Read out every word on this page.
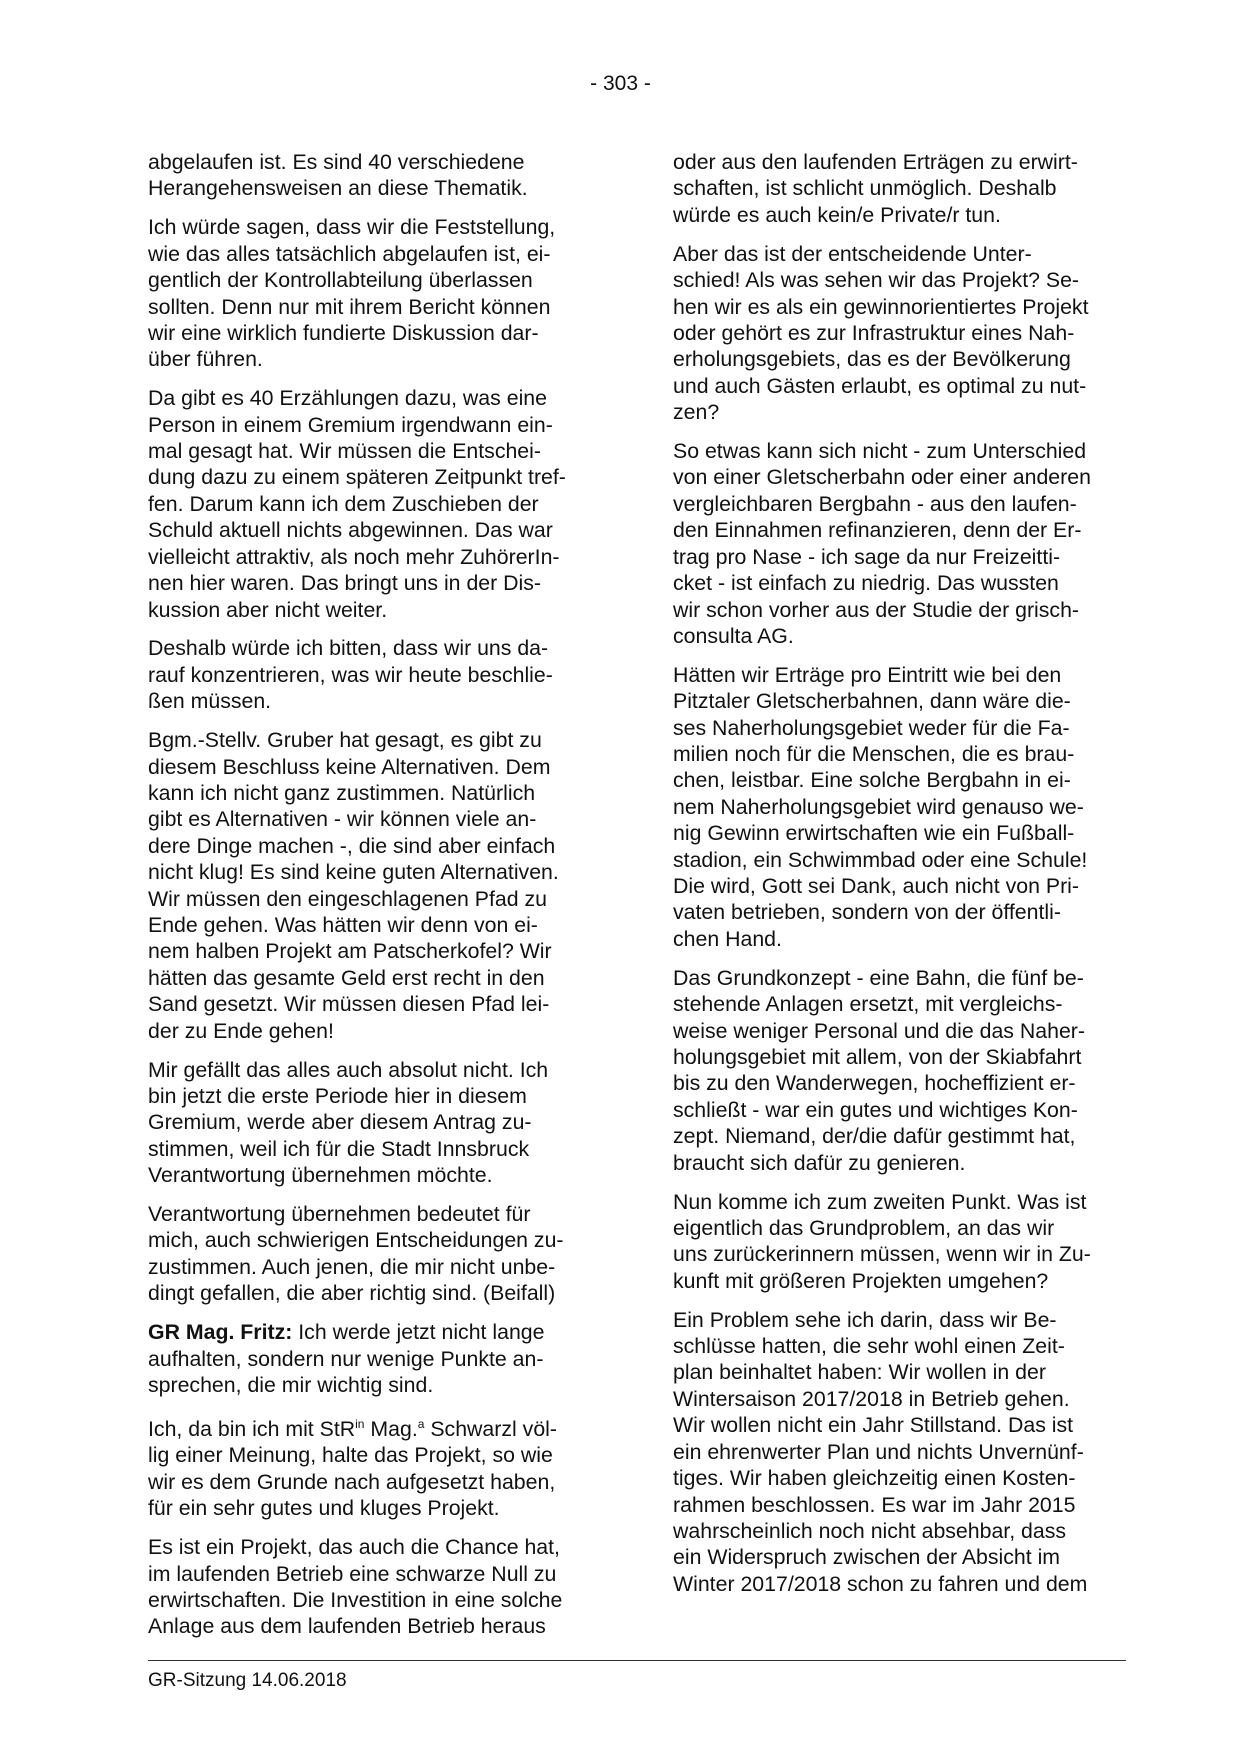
- 303 -

abgelaufen ist. Es sind 40 verschiedene
Herangehensweisen an diese Thematik.

Ich würde sagen, dass wir die Feststellung,
wie das alles tatsächlich abgelaufen ist, ei-
gentlich der Kontrollabteilung überlassen
sollten. Denn nur mit ihrem Bericht können
wir eine wirklich fundierte Diskussion dar-
über führen.

Da gibt es 40 Erzählungen dazu, was eine
Person in einem Gremium irgendwann ein-
mal gesagt hat. Wir müssen die Entschei-
dung dazu zu einem späteren Zeitpunkt tref-
fen. Darum kann ich dem Zuschieben der
Schuld aktuell nichts abgewinnen. Das war
vielleicht attraktiv, als noch mehr ZuhörerIn-
nen hier waren. Das bringt uns in der Dis-
kussion aber nicht weiter.

Deshalb würde ich bitten, dass wir uns da-
rauf konzentrieren, was wir heute beschlie-
ßen müssen.

Bgm.-Stellv. Gruber hat gesagt, es gibt zu
diesem Beschluss keine Alternativen. Dem
kann ich nicht ganz zustimmen. Natürlich
gibt es Alternativen - wir können viele an-
dere Dinge machen -, die sind aber einfach
nicht klug! Es sind keine guten Alternativen.
Wir müssen den eingeschlagenen Pfad zu
Ende gehen. Was hätten wir denn von ei-
nem halben Projekt am Patscherkofel? Wir
hätten das gesamte Geld erst recht in den
Sand gesetzt. Wir müssen diesen Pfad lei-
der zu Ende gehen!

Mir gefällt das alles auch absolut nicht. Ich
bin jetzt die erste Periode hier in diesem
Gremium, werde aber diesem Antrag zu-
stimmen, weil ich für die Stadt Innsbruck
Verantwortung übernehmen möchte.

Verantwortung übernehmen bedeutet für
mich, auch schwierigen Entscheidungen zu-
zustimmen. Auch jenen, die mir nicht unbe-
dingt gefallen, die aber richtig sind. (Beifall)

GR Mag. Fritz: Ich werde jetzt nicht lange
aufhalten, sondern nur wenige Punkte an-
sprechen, die mir wichtig sind.

Ich, da bin ich mit StR$^{in}$ Mag.$^a$ Schwarzl völ-
lig einer Meinung, halte das Projekt, so wie
wir es dem Grunde nach aufgesetzt haben,
für ein sehr gutes und kluges Projekt.

Es ist ein Projekt, das auch die Chance hat,
im laufenden Betrieb eine schwarze Null zu
erwirtschaften. Die Investition in eine solche
Anlage aus dem laufenden Betrieb heraus

oder aus den laufenden Erträgen zu erwirt-
schaften, ist schlicht unmöglich. Deshalb
würde es auch kein/e Private/r tun.

Aber das ist der entscheidende Unter-
schied! Als was sehen wir das Projekt? Se-
hen wir es als ein gewinnorientiertes Projekt
oder gehört es zur Infrastruktur eines Nah-
erholungsgebiets, das es der Bevölkerung
und auch Gästen erlaubt, es optimal zu nut-
zen?

So etwas kann sich nicht - zum Unterschied
von einer Gletscherbahn oder einer anderen
vergleichbaren Bergbahn - aus den laufen-
den Einnahmen refinanzieren, denn der Er-
trag pro Nase - ich sage da nur Freizeitti-
cket - ist einfach zu niedrig. Das wussten
wir schon vorher aus der Studie der grisch-
consulta AG.

Hätten wir Erträge pro Eintritt wie bei den
Pitztaler Gletscherbahnen, dann wäre die-
ses Naherholungsgebiet weder für die Fa-
milien noch für die Menschen, die es brau-
chen, leistbar. Eine solche Bergbahn in ei-
nem Naherholungsgebiet wird genauso we-
nig Gewinn erwirtschaften wie ein Fußball-
stadion, ein Schwimmbad oder eine Schule!
Die wird, Gott sei Dank, auch nicht von Pri-
vaten betrieben, sondern von der öffentli-
chen Hand.

Das Grundkonzept - eine Bahn, die fünf be-
stehende Anlagen ersetzt, mit vergleichs-
weise weniger Personal und die das Naher-
holungsgebiet mit allem, von der Skiabfahrt
bis zu den Wanderwegen, hocheffizient er-
schließt - war ein gutes und wichtiges Kon-
zept. Niemand, der/die dafür gestimmt hat,
braucht sich dafür zu genieren.

Nun komme ich zum zweiten Punkt. Was ist
eigentlich das Grundproblem, an das wir
uns zurückerinnern müssen, wenn wir in Zu-
kunft mit größeren Projekten umgehen?

Ein Problem sehe ich darin, dass wir Be-
schlüsse hatten, die sehr wohl einen Zeit-
plan beinhaltet haben: Wir wollen in der
Wintersaison 2017/2018 in Betrieb gehen.
Wir wollen nicht ein Jahr Stillstand. Das ist
ein ehrenwerter Plan und nichts Unvernünf-
tiges. Wir haben gleichzeitig einen Kosten-
rahmen beschlossen. Es war im Jahr 2015
wahrscheinlich noch nicht absehbar, dass
ein Widerspruch zwischen der Absicht im
Winter 2017/2018 schon zu fahren und dem

GR-Sitzung 14.06.2018
